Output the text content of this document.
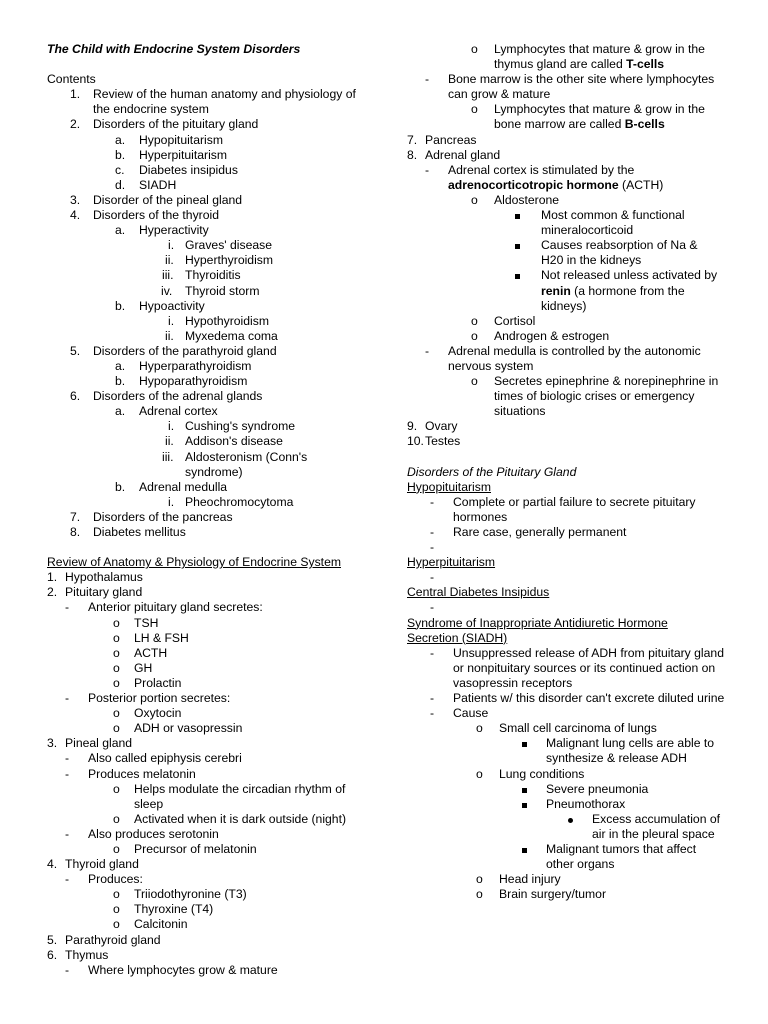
The Child with Endocrine System Disorders
Contents
1. Review of the human anatomy and physiology of the endocrine system
2. Disorders of the pituitary gland
a. Hypopituitarism
b. Hyperpituitarism
c. Diabetes insipidus
d. SIADH
3. Disorder of the pineal gland
4. Disorders of the thyroid
a. Hyperactivity
i. Graves' disease
ii. Hyperthyroidism
iii. Thyroiditis
iv. Thyroid storm
b. Hypoactivity
i. Hypothyroidism
ii. Myxedema coma
5. Disorders of the parathyroid gland
a. Hyperparathyroidism
b. Hypoparathyroidism
6. Disorders of the adrenal glands
a. Adrenal cortex
i. Cushing's syndrome
ii. Addison's disease
iii. Aldosteronism (Conn's syndrome)
b. Adrenal medulla
i. Pheochromocytoma
7. Disorders of the pancreas
8. Diabetes mellitus
Review of Anatomy & Physiology of Endocrine System
1. Hypothalamus
2. Pituitary gland
- Anterior pituitary gland secretes:
o TSH
o LH & FSH
o ACTH
o GH
o Prolactin
- Posterior portion secretes:
o Oxytocin
o ADH or vasopressin
3. Pineal gland
- Also called epiphysis cerebri
- Produces melatonin
o Helps modulate the circadian rhythm of sleep
o Activated when it is dark outside (night)
- Also produces serotonin
o Precursor of melatonin
4. Thyroid gland
- Produces:
o Triiodothyronine (T3)
o Thyroxine (T4)
o Calcitonin
5. Parathyroid gland
6. Thymus
- Where lymphocytes grow & mature
o Lymphocytes that mature & grow in the thymus gland are called T-cells
- Bone marrow is the other site where lymphocytes can grow & mature
o Lymphocytes that mature & grow in the bone marrow are called B-cells
7. Pancreas
8. Adrenal gland
- Adrenal cortex is stimulated by the adrenocorticotropic hormone (ACTH)
o Aldosterone
Most common & functional mineralocorticoid
Causes reabsorption of Na & H20 in the kidneys
Not released unless activated by renin (a hormone from the kidneys)
o Cortisol
o Androgen & estrogen
- Adrenal medulla is controlled by the autonomic nervous system
o Secretes epinephrine & norepinephrine in times of biologic crises or emergency situations
9. Ovary
10. Testes
Disorders of the Pituitary Gland
Hypopituitarism
- Complete or partial failure to secrete pituitary hormones
- Rare case, generally permanent
-
Hyperpituitarism
-
Central Diabetes Insipidus
-
Syndrome of Inappropriate Antidiuretic Hormone Secretion (SIADH)
- Unsuppressed release of ADH from pituitary gland or nonpituitary sources or its continued action on vasopressin receptors
- Patients w/ this disorder can't excrete diluted urine
- Cause
o Small cell carcinoma of lungs
Malignant lung cells are able to synthesize & release ADH
o Lung conditions
Severe pneumonia
Pneumothorax
Excess accumulation of air in the pleural space
Malignant tumors that affect other organs
o Head injury
o Brain surgery/tumor
